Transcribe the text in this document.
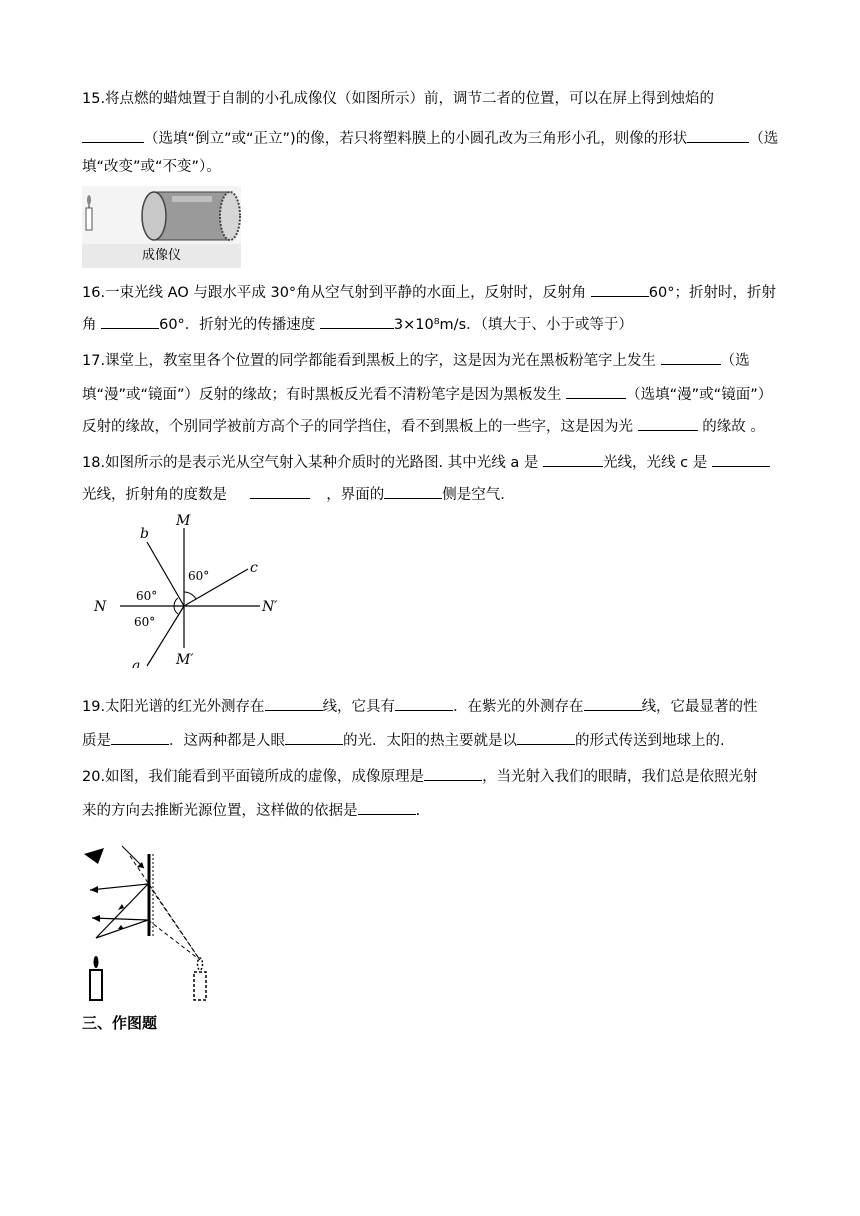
15.将点燃的蜡烛置于自制的小孔成像仪（如图所示）前，调节二者的位置，可以在屏上得到烛焰的

（选填“倒立”或“正立”)的像，若只将塑料膜上的小圆孔改为三角形小孔，则像的形状	（选

填“改变”或“不变”）。

成像仪

16.一束光线 AO 与跟水平成 30°角从空气射到平静的水面上，反射时，反射角	60°；折射时，折射

角	60°．折射光的传播速度	3×10⁸m/s．（填大于、小于或等于）

17.课堂上，教室里各个位置的同学都能看到黑板上的字，这是因为光在黑板粉笔字上发生	（选

填“漫”或“镜面”）反射的缘故；有时黑板反光看不清粉笔字是因为黑板发生	（选填“漫”或“镜面”）

反射的缘故，个别同学被前方高个子的同学挡住，看不到黑板上的一些字，这是因为光	的缘故 。

18.如图所示的是表示光从空气射入某种介质时的光路图. 其中光线 a 是	光线，光线 c 是

光线，折射角的度数是	，界面的	侧是空气.

M
M′
N	N′
b
c
a
60°
60°
60°

19.太阳光谱的红光外测存在	线，它具有	．在紫光的外测存在	线，它最显著的性

质是	．这两种都是人眼	的光．太阳的热主要就是以	的形式传送到地球上的.

20.如图，我们能看到平面镜所成的虚像，成像原理是	，当光射入我们的眼睛，我们总是依照光射

来的方向去推断光源位置，这样做的依据是	.

三、作图题
